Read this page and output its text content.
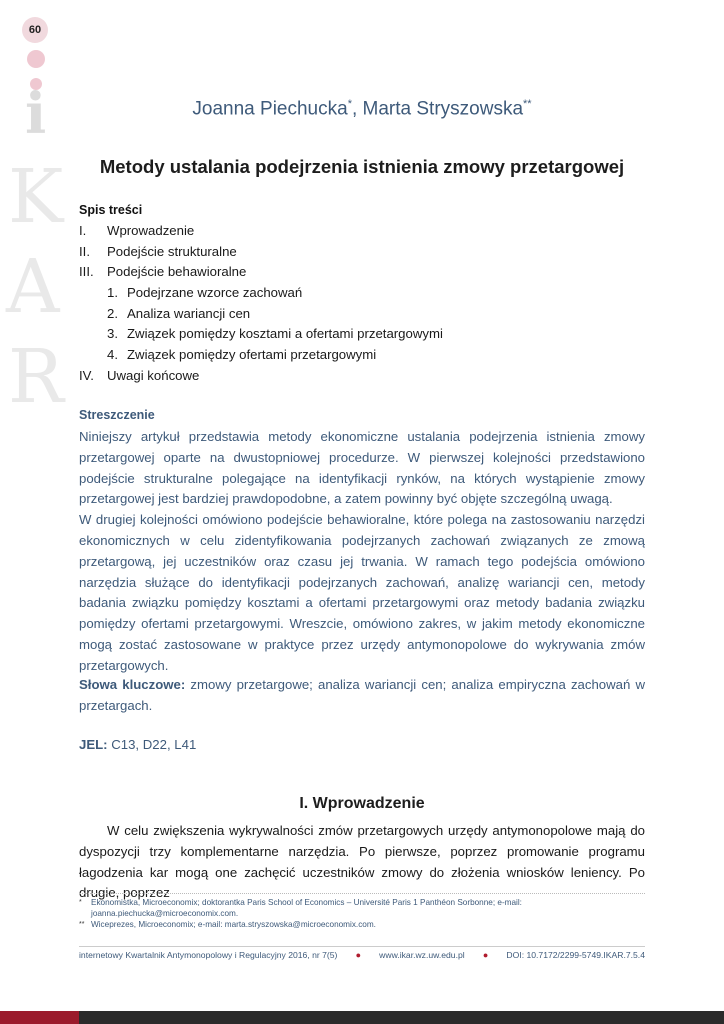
60
i
K
A
R
Joanna Piechucka*, Marta Stryszowska**
Metody ustalania podejrzenia istnienia zmowy przetargowej
Spis treści
I.	Wprowadzenie
II.	Podejście strukturalne
III.	Podejście behawioralne
1. Podejrzane wzorce zachowań
2. Analiza wariancji cen
3. Związek pomiędzy kosztami a ofertami przetargowymi
4. Związek pomiędzy ofertami przetargowymi
IV. Uwagi końcowe
Streszczenie

Niniejszy artykuł przedstawia metody ekonomiczne ustalania podejrzenia istnienia zmowy przetargowej oparte na dwustopniowej procedurze. W pierwszej kolejności przedstawiono podejście strukturalne polegające na identyfikacji rynków, na których wystąpienie zmowy przetargowej jest bardziej prawdopodobne, a zatem powinny być objęte szczególną uwagą.

W drugiej kolejności omówiono podejście behawioralne, które polega na zastosowaniu narzędzi ekonomicznych w celu zidentyfikowania podejrzanych zachowań związanych ze zmową przetargową, jej uczestników oraz czasu jej trwania. W ramach tego podejścia omówiono narzędzia służące do identyfikacji podejrzanych zachowań, analizę wariancji cen, metody badania związku pomiędzy kosztami a ofertami przetargowymi oraz metody badania związku pomiędzy ofertami przetargowymi. Wreszcie, omówiono zakres, w jakim metody ekonomiczne mogą zostać zastosowane w praktyce przez urzędy antymonopolowe do wykrywania zmów przetargowych.

Słowa kluczowe: zmowy przetargowe; analiza wariancji cen; analiza empiryczna zachowań w przetargach.
JEL: C13, D22, L41
I. Wprowadzenie

W celu zwiększenia wykrywalności zmów przetargowych urzędy antymonopolowe mają do dyspozycji trzy komplementarne narzędzia. Po pierwsze, poprzez promowanie programu łagodzenia kar mogą one zachęcić uczestników zmowy do złożenia wniosków leniency. Po drugie, poprzez

*	Ekonomistka, Microeconomix; doktorantka Paris School of Economics – Université Paris 1 Panthéon Sorbonne; e-mail: joanna.piechucka@microeconomix.com.
** Wiceprezes, Microeconomix; e-mail: marta.stryszowska@microeconomix.com.
internetowy Kwartalnik Antymonopolowy i Regulacyjny 2016, nr 7(5) ● www.ikar.wz.uw.edu.pl ● DOI: 10.7172/2299-5749.IKAR.7.5.4
